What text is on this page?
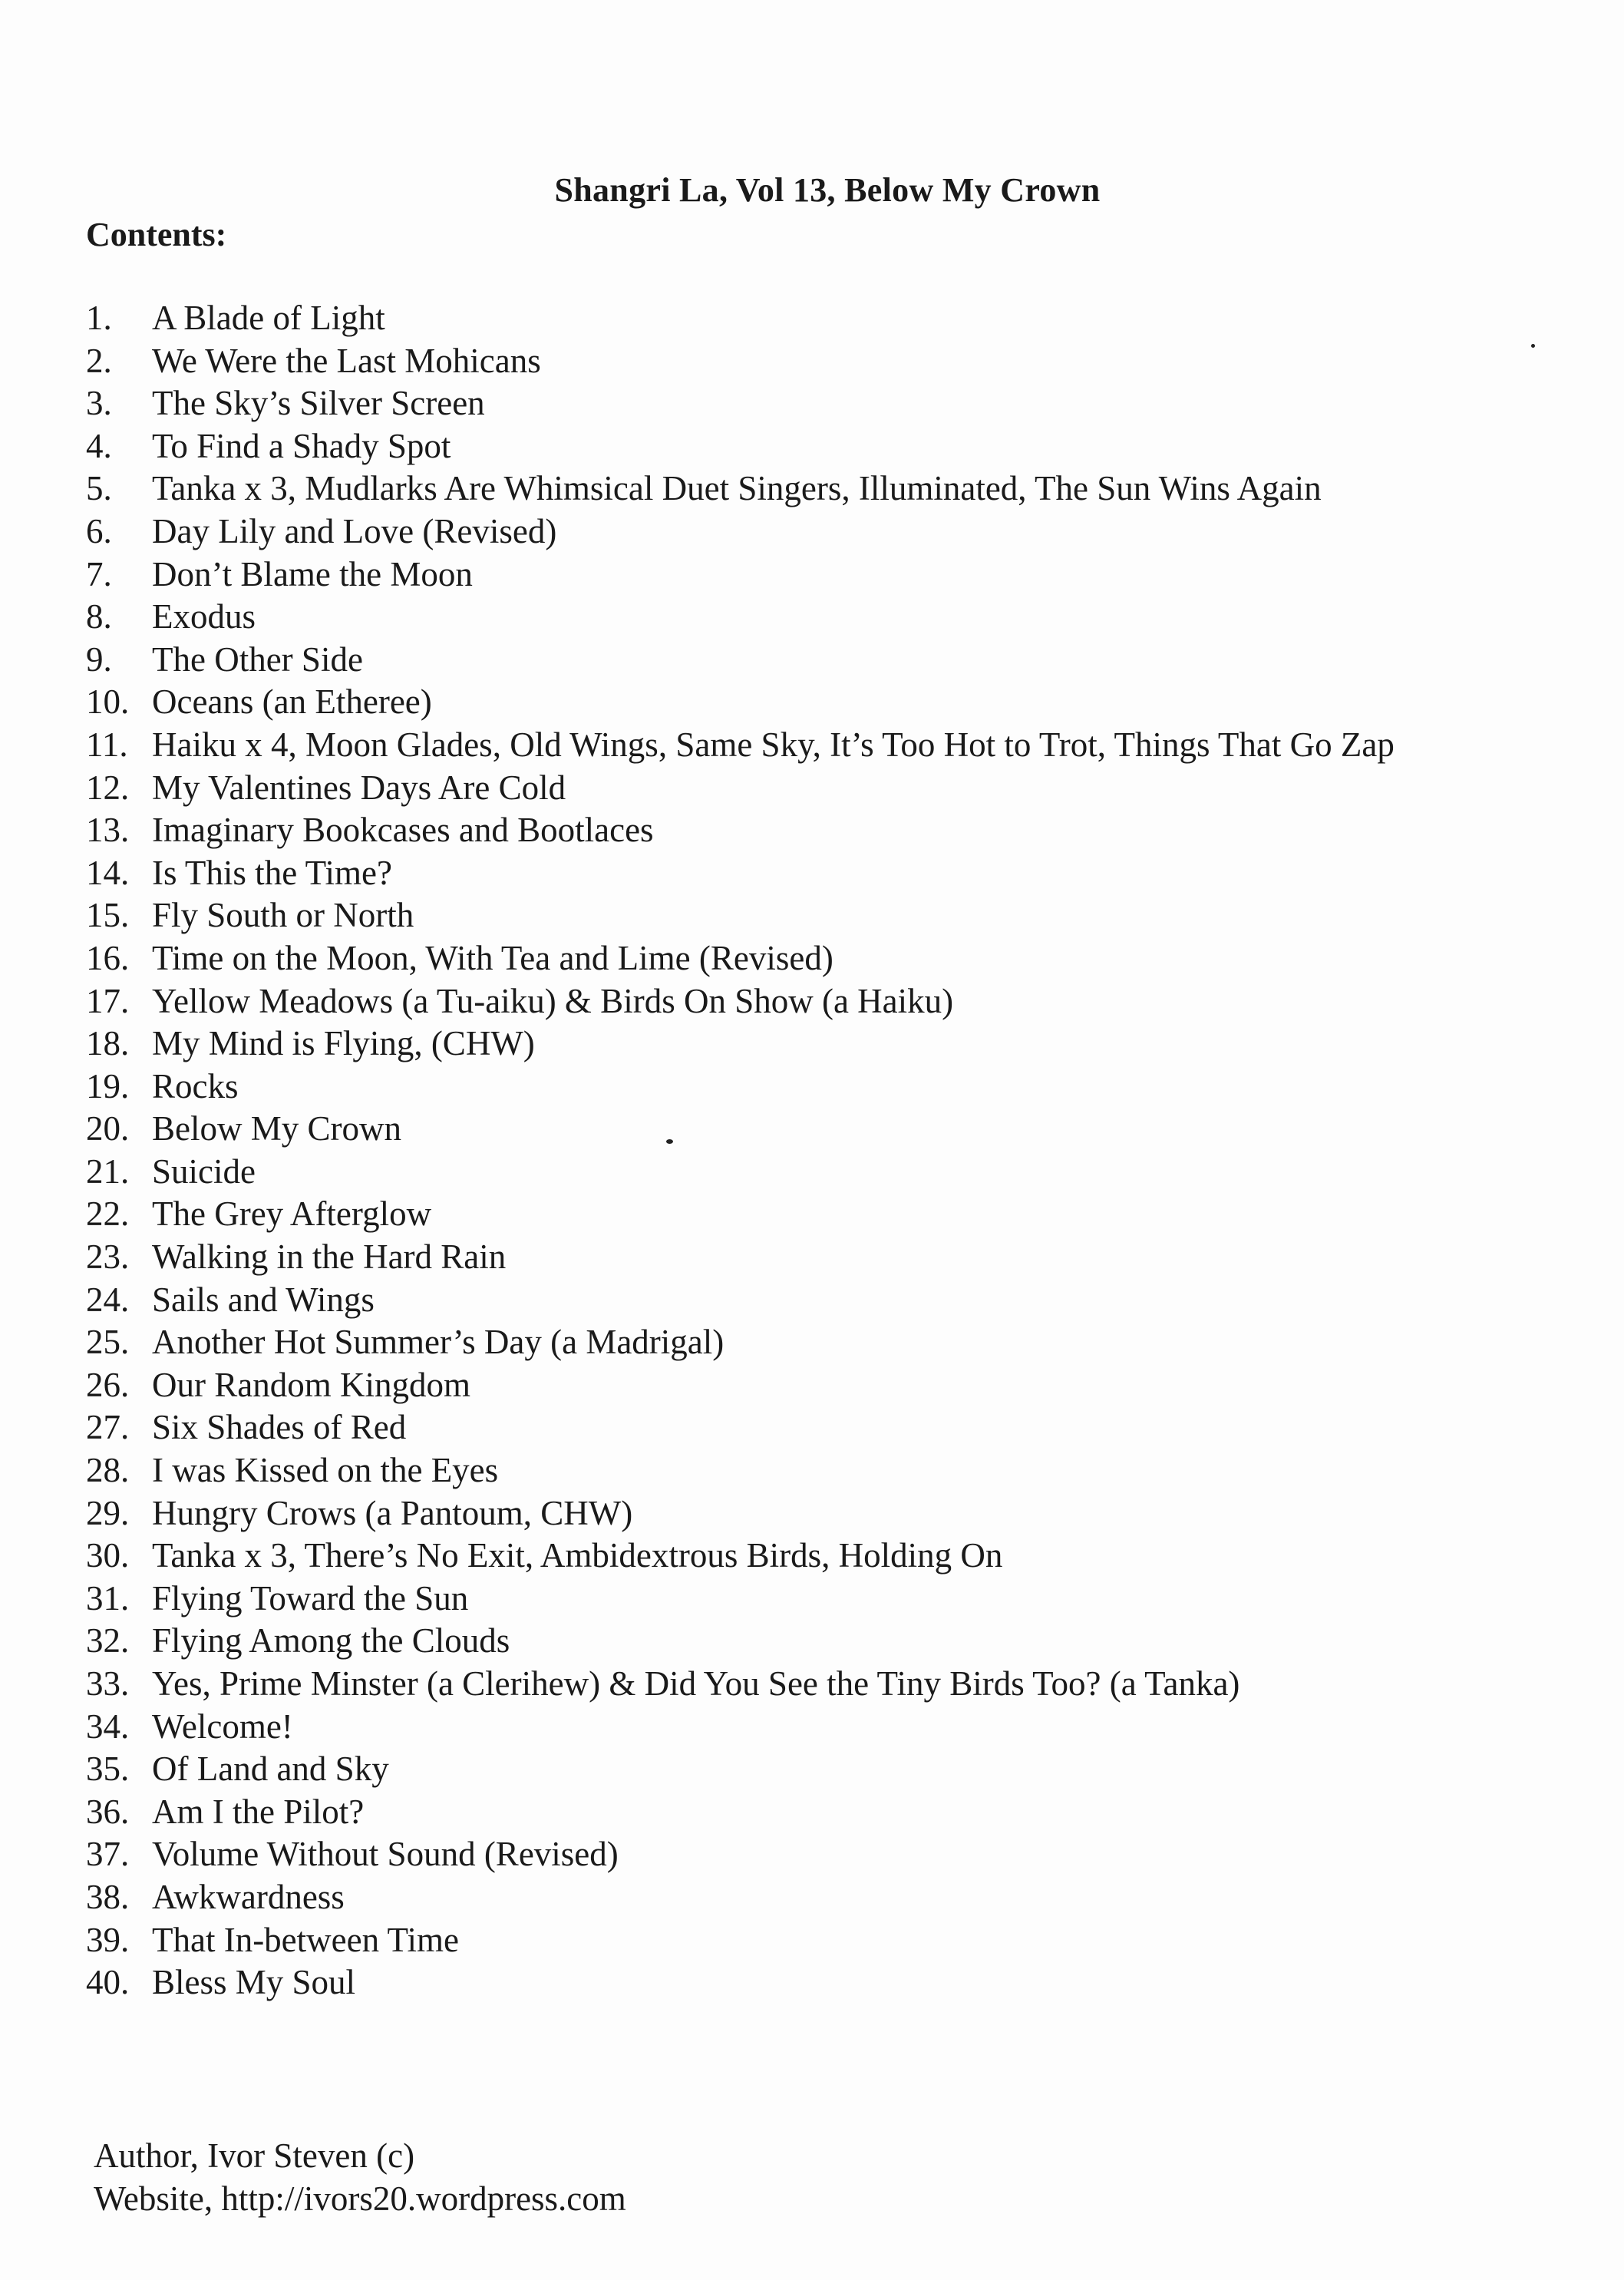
Shangri La, Vol 13, Below My Crown
Contents:
1.	A Blade of Light
2.	We Were the Last Mohicans
3.	The Sky’s Silver Screen
4.	To Find a Shady Spot
5.	Tanka x 3, Mudlarks Are Whimsical Duet Singers, Illuminated, The Sun Wins Again
6.	Day Lily and Love (Revised)
7.	Don’t Blame the Moon
8.	Exodus
9.	The Other Side
10. Oceans (an Etheree)
11. Haiku x 4, Moon Glades, Old Wings, Same Sky, It’s Too Hot to Trot, Things That Go Zap
12. My Valentines Days Are Cold
13. Imaginary Bookcases and Bootlaces
14. Is This the Time?
15. Fly South or North
16. Time on the Moon, With Tea and Lime (Revised)
17. Yellow Meadows (a Tu-aiku) & Birds On Show (a Haiku)
18. My Mind is Flying, (CHW)
19. Rocks
20. Below My Crown
21. Suicide
22. The Grey Afterglow
23. Walking in the Hard Rain
24. Sails and Wings
25. Another Hot Summer’s Day (a Madrigal)
26. Our Random Kingdom
27. Six Shades of Red
28. I was Kissed on the Eyes
29. Hungry Crows (a Pantoum, CHW)
30. Tanka x 3, There’s No Exit, Ambidextrous Birds, Holding On
31. Flying Toward the Sun
32. Flying Among the Clouds
33. Yes, Prime Minster (a Clerihew) & Did You See the Tiny Birds Too? (a Tanka)
34. Welcome!
35. Of Land and Sky
36. Am I the Pilot?
37. Volume Without Sound (Revised)
38. Awkwardness
39. That In-between Time
40. Bless My Soul
Author, Ivor Steven (c)
Website, http://ivors20.wordpress.com
